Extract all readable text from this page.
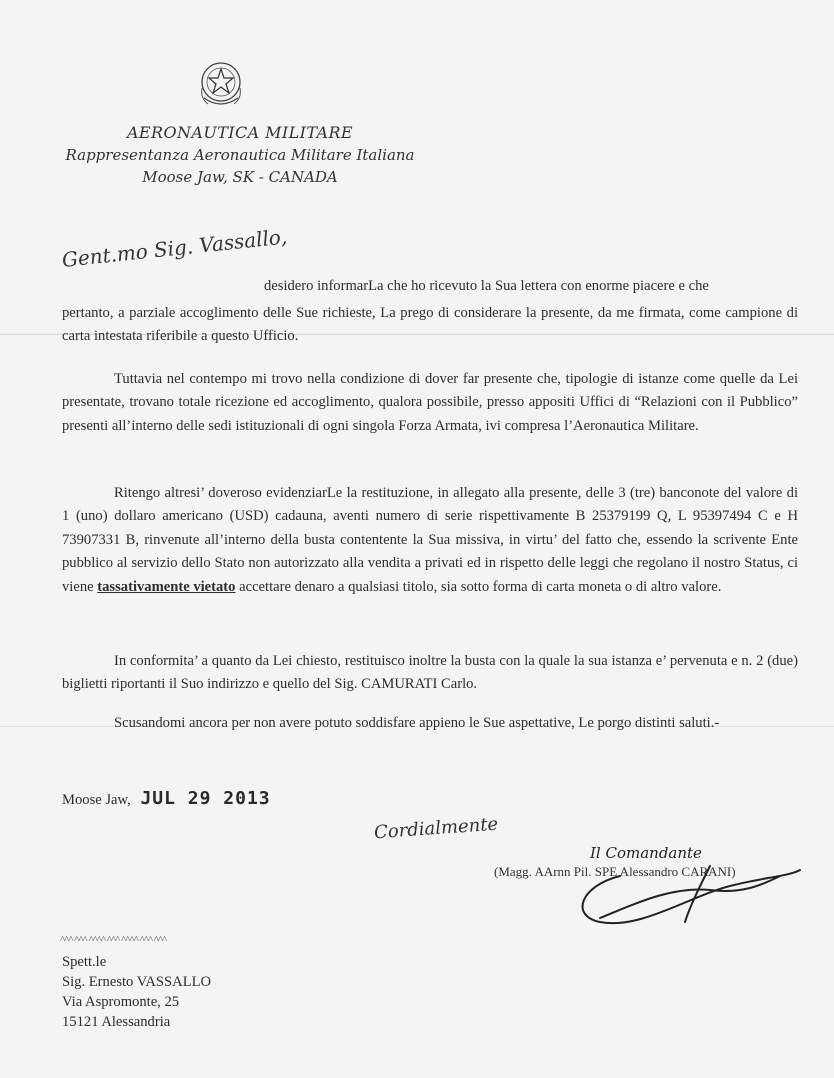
AERONAUTICA MILITARE
Rappresentanza Aeronautica Militare Italiana
Moose Jaw, SK - CANADA
Gent.mo Sig. Vassallo,
desidero informarLa che ho ricevuto la Sua lettera con enorme piacere e che
pertanto, a parziale accoglimento delle Sue richieste, La prego di considerare la presente, da me firmata, come campione di carta intestata riferibile a questo Ufficio.
Tuttavia nel contempo mi trovo nella condizione di dover far presente che, tipologie di istanze come quelle da Lei presentate, trovano totale ricezione ed accoglimento, qualora possibile, presso appositi Uffici di “Relazioni con il Pubblico” presenti all’interno delle sedi istituzionali di ogni singola Forza Armata, ivi compresa l’Aeronautica Militare.
Ritengo altresi’ doveroso evidenziarLe la restituzione, in allegato alla presente, delle 3 (tre) banconote del valore di 1 (uno) dollaro americano (USD) cadauna, aventi numero di serie rispettivamente B 25379199 Q, L 95397494 C e H 73907331 B, rinvenute all’interno della busta contentente la Sua missiva, in virtu’ del fatto che, essendo la scrivente Ente pubblico al servizio dello Stato non autorizzato alla vendita a privati ed in rispetto delle leggi che regolano il nostro Status, ci viene tassativamente vietato accettare denaro a qualsiasi titolo, sia sotto forma di carta moneta o di altro valore.
In conformita’ a quanto da Lei chiesto, restituisco inoltre la busta con la quale la sua istanza e’ pervenuta e n. 2 (due) biglietti riportanti il Suo indirizzo e quello del Sig. CAMURATI Carlo.
Scusandomi ancora per non avere potuto soddisfare appieno le Sue aspettative, Le porgo distinti saluti.-
Moose Jaw, JUL 29 2013
Cordialmente
Il Comandante
(Magg. AArnn Pil. SPE Alessandro CARANI)
^^^ ^^^ ^^^^ ^^^ ^^^^ ^^^ ^^^
Spett.le
Sig. Ernesto VASSALLO
Via Aspromonte, 25
15121 Alessandria
